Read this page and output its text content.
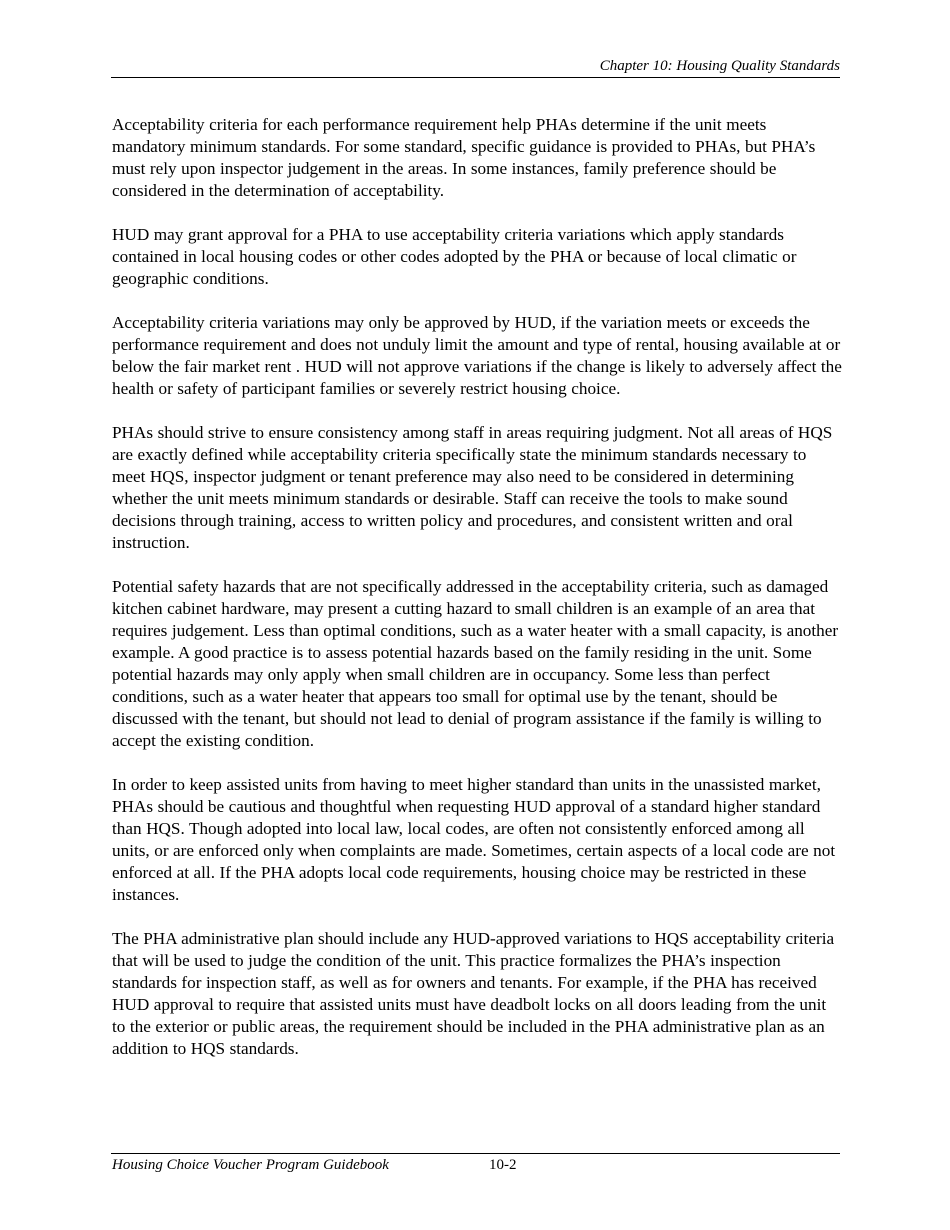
Chapter 10: Housing Quality Standards

Acceptability criteria for each performance requirement help PHAs determine if the unit meets mandatory minimum standards. For some standard, specific guidance is provided to PHAs, but PHA’s must rely upon inspector judgement in the areas. In some instances, family preference should be considered in the determination of acceptability.

HUD may grant approval for a PHA to use acceptability criteria variations which apply standards contained in local housing codes or other codes adopted by the PHA or because of local climatic or geographic conditions.

Acceptability criteria variations may only be approved by HUD, if the variation meets or exceeds the performance requirement and does not unduly limit the amount and type of rental, housing available at or below the fair market rent . HUD will not approve variations if the change is likely to adversely affect the health or safety of participant families or severely restrict housing choice.

PHAs should strive to ensure consistency among staff in areas requiring judgment. Not all areas of HQS are exactly defined while acceptability criteria specifically state the minimum standards necessary to meet HQS, inspector judgment or tenant preference may also need to be considered in determining whether the unit meets minimum standards or desirable. Staff can receive the tools to make sound decisions through training, access to written policy and procedures, and consistent written and oral instruction.

Potential safety hazards that are not specifically addressed in the acceptability criteria, such as damaged kitchen cabinet hardware, may present a cutting hazard to small children is an example of an area that requires judgement. Less than optimal conditions, such as a water heater with a small capacity, is another example. A good practice is to assess potential hazards based on the family residing in the unit. Some potential hazards may only apply when small children are in occupancy. Some less than perfect conditions, such as a water heater that appears too small for optimal use by the tenant, should be discussed with the tenant, but should not lead to denial of program assistance if the family is willing to accept the existing condition.

In order to keep assisted units from having to meet higher standard than units in the unassisted market, PHAs should be cautious and thoughtful when requesting HUD approval of a standard higher standard than HQS. Though adopted into local law, local codes, are often not consistently enforced among all units, or are enforced only when complaints are made. Sometimes, certain aspects of a local code are not enforced at all. If the PHA adopts local code requirements, housing choice may be restricted in these instances.

The PHA administrative plan should include any HUD-approved variations to HQS acceptability criteria that will be used to judge the condition of the unit. This practice formalizes the PHA’s inspection standards for inspection staff, as well as for owners and tenants. For example, if the PHA has received HUD approval to require that assisted units must have deadbolt locks on all doors leading from the unit to the exterior or public areas, the requirement should be included in the PHA administrative plan as an addition to HQS standards.

Housing Choice Voucher Program Guidebook	10-2
